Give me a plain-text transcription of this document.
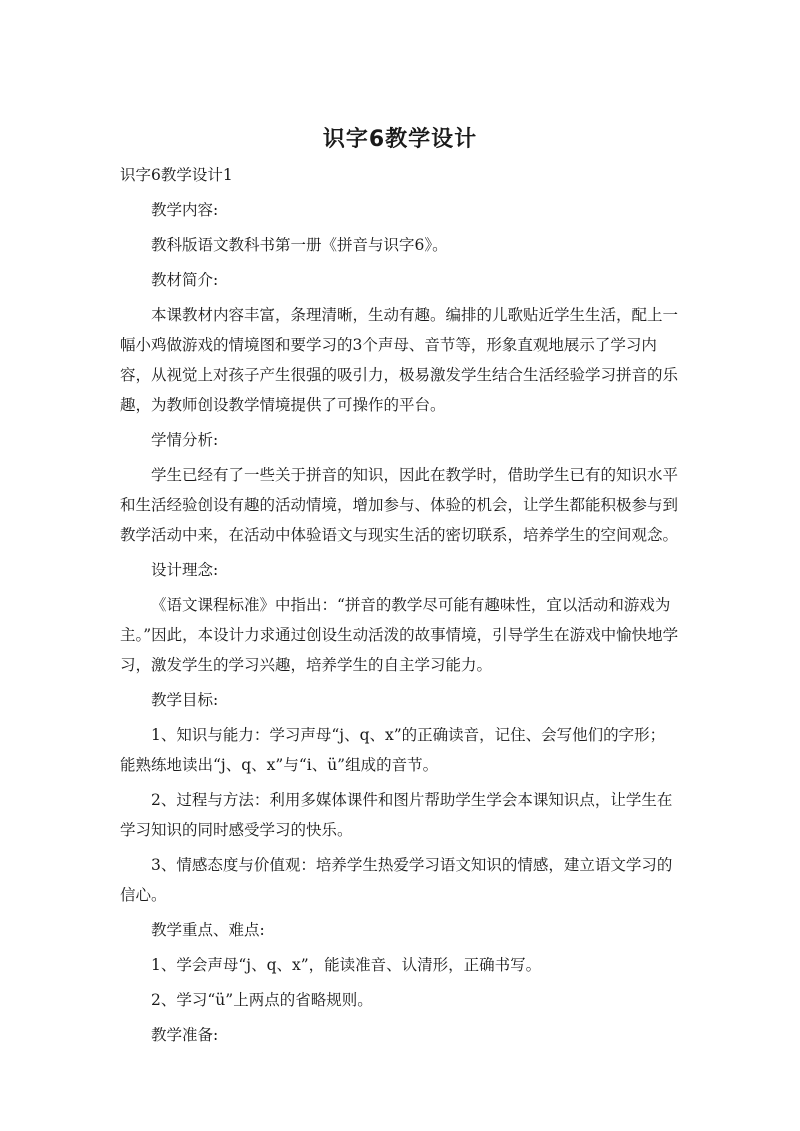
识字6教学设计

识字6教学设计1

教学内容:

教科版语文教科书第一册《拼音与识字6》。

教材简介:

本课教材内容丰富，条理清晰，生动有趣。编排的儿歌贴近学生生活，配上一幅小鸡做游戏的情境图和要学习的3个声母、音节等，形象直观地展示了学习内容，从视觉上对孩子产生很强的吸引力，极易激发学生结合生活经验学习拼音的乐趣，为教师创设教学情境提供了可操作的平台。

学情分析:

学生已经有了一些关于拼音的知识，因此在教学时，借助学生已有的知识水平和生活经验创设有趣的活动情境，增加参与、体验的机会，让学生都能积极参与到教学活动中来，在活动中体验语文与现实生活的密切联系，培养学生的空间观念。

设计理念:

《语文课程标准》中指出：“拼音的教学尽可能有趣味性，宜以活动和游戏为主。”因此，本设计力求通过创设生动活泼的故事情境，引导学生在游戏中愉快地学习，激发学生的学习兴趣，培养学生的自主学习能力。

教学目标:

1、知识与能力：学习声母“j、q、x”的正确读音，记住、会写他们的字形；能熟练地读出“j、q、x”与“i、ü”组成的音节。

2、过程与方法：利用多媒体课件和图片帮助学生学会本课知识点，让学生在学习知识的同时感受学习的快乐。

3、情感态度与价值观：培养学生热爱学习语文知识的情感，建立语文学习的信心。

教学重点、难点:

1、学会声母“j、q、x”，能读准音、认清形，正确书写。

2、学习“ü”上两点的省略规则。

教学准备:
